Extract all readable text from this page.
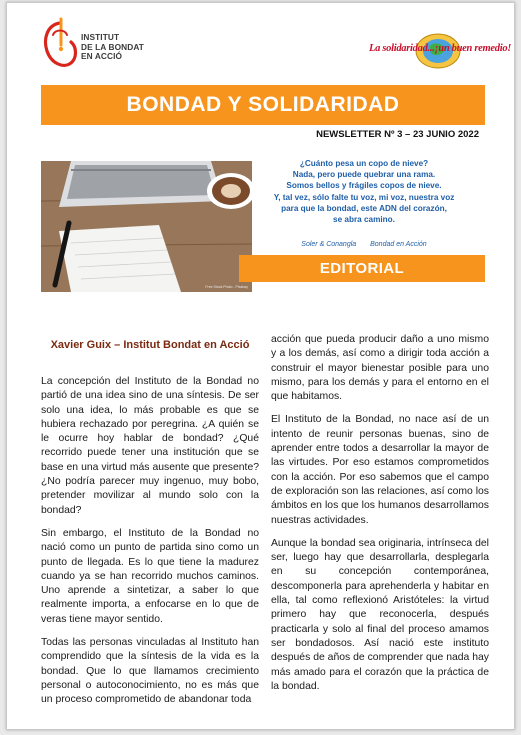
INSTITUT
DE LA BONDAT
EN ACCIÓ
La solidaridad...¡un buen remedio!
BONDAD Y SOLIDARIDAD
NEWSLETTER Nº 3 – 23 JUNIO 2022
Free Stock Photo - Pixabay
¿Cuánto pesa un copo de nieve?
Nada, pero puede quebrar una rama.
Somos bellos y frágiles copos de nieve.
Y, tal vez, sólo falte tu voz, mi voz, nuestra voz
para que la bondad, este ADN del corazón,
se abra camino.
Soler & Conangla Bondad en Acción
EDITORIAL
Xavier Guix – Institut Bondat en Acció

La concepción del Instituto de la Bondad no partió de una idea sino de una síntesis. De ser solo una idea, lo más probable es que se hubiera rechazado por peregrina. ¿A quién se le ocurre hoy hablar de bondad? ¿Qué recorrido puede tener una institución que se base en una virtud más ausente que presente? ¿No podría parecer muy ingenuo, muy bobo, pretender movilizar al mundo solo con la bondad?

Sin embargo, el Instituto de la Bondad no nació como un punto de partida sino como un punto de llegada. Es lo que tiene la madurez cuando ya se han recorrido muchos caminos. Uno aprende a sintetizar, a saber lo que realmente importa, a enfocarse en lo que de veras tiene mayor sentido.

Todas las personas vinculadas al Instituto han comprendido que la síntesis de la vida es la bondad. Que lo que llamamos crecimiento personal o autoconocimiento, no es más que un proceso comprometido de abandonar toda

acción que pueda producir daño a uno mismo y a los demás, así como a dirigir toda acción a construir el mayor bienestar posible para uno mismo, para los demás y para el entorno en el que habitamos.

El Instituto de la Bondad, no nace así de un intento de reunir personas buenas, sino de aprender entre todos a desarrollar la mayor de las virtudes. Por eso estamos comprometidos con la acción. Por eso sabemos que el campo de exploración son las relaciones, así como los ámbitos en los que los humanos desarrollamos nuestras actividades.

Aunque la bondad sea originaria, intrínseca del ser, luego hay que desarrollarla, desplegarla en su concepción contemporánea, descomponerla para aprehenderla y habitar en ella, tal como reflexionó Aristóteles: la virtud primero hay que reconocerla, después practicarla y solo al final del proceso amamos ser bondadosos. Así nació este instituto después de años de comprender que nada hay más amado para el corazón que la práctica de la bondad.
